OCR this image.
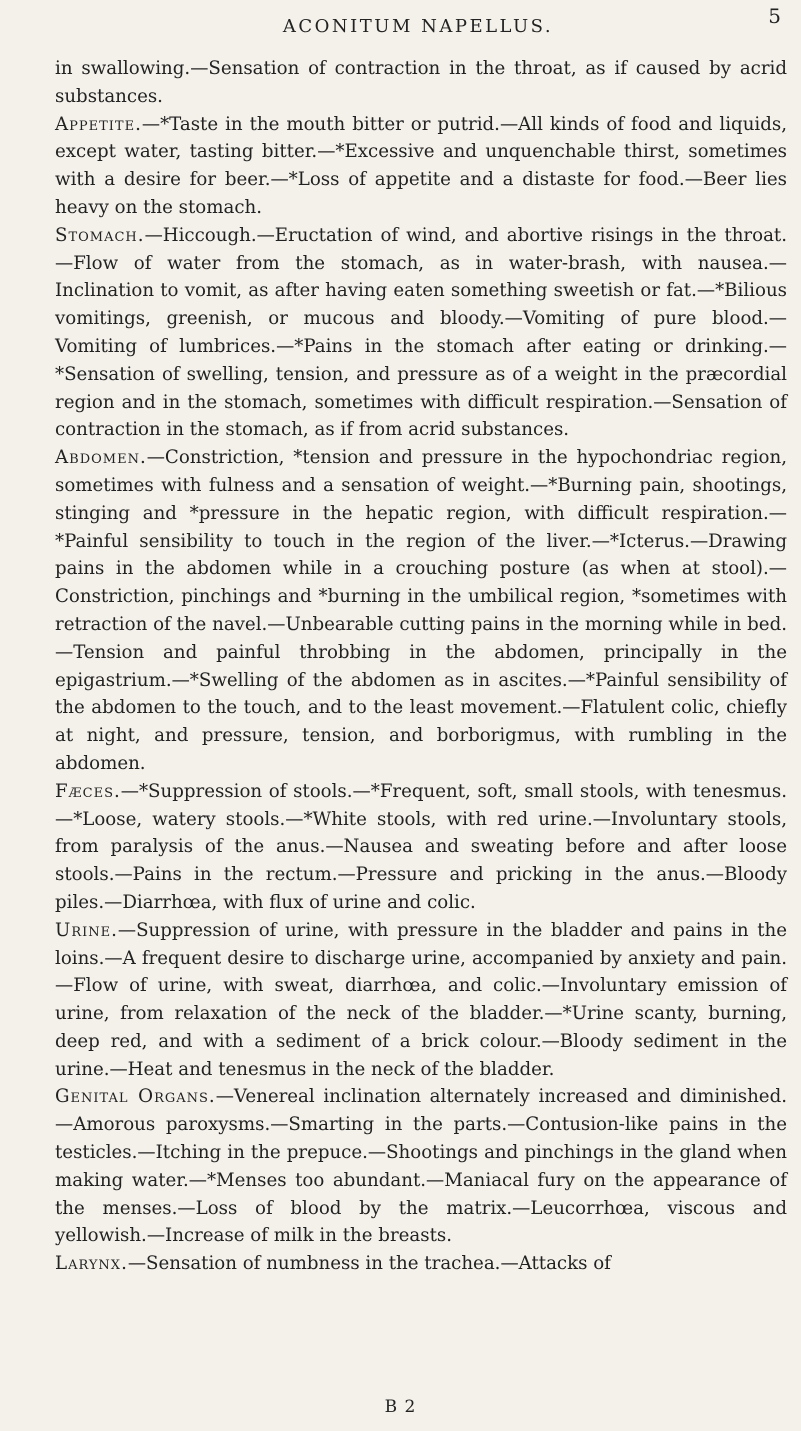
ACONITUM NAPELLUS.	5

in swallowing.—Sensation of contraction in the throat, as if caused by acrid substances.

Appetite.—*Taste in the mouth bitter or putrid.—All kinds of food and liquids, except water, tasting bitter.—*Excessive and unquenchable thirst, sometimes with a desire for beer.—*Loss of appetite and a distaste for food.—Beer lies heavy on the stomach.

Stomach.—Hiccough.—Eructation of wind, and abortive risings in the throat.—Flow of water from the stomach, as in water-brash, with nausea.—Inclination to vomit, as after having eaten something sweetish or fat.—*Bilious vomitings, greenish, or mucous and bloody.—Vomiting of pure blood.—Vomiting of lumbrices.—*Pains in the stomach after eating or drinking.—*Sensation of swelling, tension, and pressure as of a weight in the præcordial region and in the stomach, sometimes with difficult respiration.—Sensation of contraction in the stomach, as if from acrid substances.

Abdomen.—Constriction, *tension and pressure in the hypochondriac region, sometimes with fulness and a sensation of weight.—*Burning pain, shootings, stinging and *pressure in the hepatic region, with difficult respiration.—*Painful sensibility to touch in the region of the liver.—*Icterus.—Drawing pains in the abdomen while in a crouching posture (as when at stool).—Constriction, pinchings and *burning in the umbilical region, *sometimes with retraction of the navel.—Unbearable cutting pains in the morning while in bed.—Tension and painful throbbing in the abdomen, principally in the epigastrium.—*Swelling of the abdomen as in ascites.—*Painful sensibility of the abdomen to the touch, and to the least movement.—Flatulent colic, chiefly at night, and pressure, tension, and borborigmus, with rumbling in the abdomen.

Fæces.—*Suppression of stools.—*Frequent, soft, small stools, with tenesmus.—*Loose, watery stools.—*White stools, with red urine.—Involuntary stools, from paralysis of the anus.—Nausea and sweating before and after loose stools.—Pains in the rectum.—Pressure and pricking in the anus.—Bloody piles.—Diarrhœa, with flux of urine and colic.

Urine.—Suppression of urine, with pressure in the bladder and pains in the loins.—A frequent desire to discharge urine, accompanied by anxiety and pain.—Flow of urine, with sweat, diarrhœa, and colic.—Involuntary emission of urine, from relaxation of the neck of the bladder.—*Urine scanty, burning, deep red, and with a sediment of a brick colour.—Bloody sediment in the urine.—Heat and tenesmus in the neck of the bladder.

Genital Organs.—Venereal inclination alternately increased and diminished.—Amorous paroxysms.—Smarting in the parts.—Contusion-like pains in the testicles.—Itching in the prepuce.—Shootings and pinchings in the gland when making water.—*Menses too abundant.—Maniacal fury on the appearance of the menses.—Loss of blood by the matrix.—Leucorrhœa, viscous and yellowish.—Increase of milk in the breasts.

Larynx.—Sensation of numbness in the trachea.—Attacks of

B 2
